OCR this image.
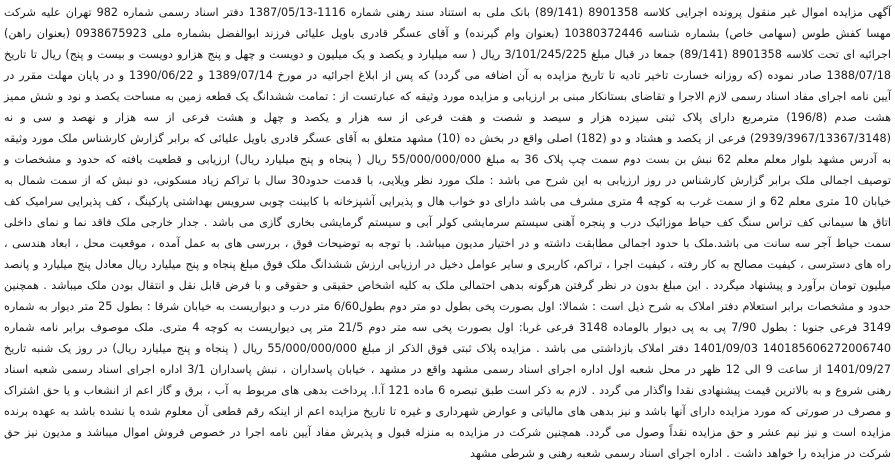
آگهی مزایده اموال غیر منقول پرونده اجرایی کلاسه 8901358 (89/141) بانک ملی به استناد سند رهنی شماره 1116-1387/05/13 دفتر اسناد رسمی شماره 982 تهران علیه شرکت مهسا کفش طوس (سهامی خاص) بشماره شناسه 10380372446 (بعنوان وام گیرنده) و آقای عسگر قادری باویل علیائی فرزند ابوالفضل بشماره ملی 0938675923 (بعنوان راهن) اجرائیه ای تحت کلاسه 8901358 (89/141) جمعا در قبال مبلغ 3/101/245/225 ریال ( سه میلیارد و یکصد و یک میلیون و دویست و چهل و پنج هزارو دویست و بیست و پنج) ریال تا تاریخ 1388/07/18 صادر نموده (که روزانه خسارت تاخیر تادیه تا تاریخ مزایده به آن اضافه می گردد) که پس از ابلاغ اجرائیه در مورخ 1389/07/14 و 1390/06/22 و در پایان مهلت مقرر در آیین نامه اجرای مفاد اسناد رسمی لازم الاجرا و تقاضای بستانکار مبنی بر ارزیابی و مزایده مورد وثیقه که عبارتست از : تمامت ششدانگ یک قطعه زمین به مساحت یکصد و نود و شش ممیز هشت صدم (196/8) مترمربع دارای پلاک ثبتی سیزده هزار و سیصد و شصت و هفت فرعی از سه هزار و یکصد و چهل و هشت فرعی از سه هزار و نهصد و سی و نه (2939/3967/13367/3148) فرعی از یکصد و هشتاد و دو (182) اصلی واقع در بخش ده (10) مشهد متعلق به آقای عسگر قادری باویل علیائی که برابر گزارش کارشناس ملک مورد وثیقه به آدرس مشهد بلوار معلم معلم 62 نبش بن بست دوم سمت چپ پلاک 36 به مبلغ 55/000/000/000 ریال ( پنجاه و پنج میلیارد ریال) ارزیابی و قطعیت یافته که حدود و مشخصات و توصیف اجمالی ملک برابر گزارش کارشناس در روز ارزیابی به این شرح می باشد : ملک مورد نظر ویلایی، با قدمت حدود30 سال با تراکم زیاد مسکونی، دو نبش که از سمت شمال به خیابان 10 متری معلم 62 و از سمت غرب به کوچه 4 متری مشرف می باشد دارای دو خواب هال و پذیرایی آشپزخانه با کابینت چوبی سرویس بهداشتی پارکینگ ، کف پذیرایی سرامیک کف اتاق ها سیمانی کف تراس سنگ کف حیاط موزائیک درب و پنجره آهنی سیستم سرمایشی کولر آبی و سیستم گرمایشی بخاری گازی می باشد . جدار خارجی ملک فاقد نما و نمای داخلی سمت حیاط آجر سه سانت می باشد.ملک با حدود اجمالی مطابقت داشته و در اختیار مدیون میباشد. با توجه به توضیحات فوق ، بررسی های به عمل آمده ، موقعیت محل ، ابعاد هندسی ، راه های دسترسی ، کیفیت مصالح به کار رفته ، کیفیت اجرا ، تراکم، کاربری و سایر عوامل دخیل در ارزیابی ارزش ششدانگ ملک فوق مبلغ پنجاه و پنج میلیارد ریال معادل پنج میلیارد و پانصد میلیون تومان برآورد و پیشنهاد میگردد . این مبلغ بدون در نظر گرفتن هرگونه بدهی احتمالی ملک به کلیه اشخاص حقیقی و حقوقی و با فرض قابل نقل و انتقال بودن ملک میباشد . همچنین حدود و مشخصات برابر استعلام دفتر املاک به شرح ذیل است : شمالا: اول بصورت پخی بطول دو متر دوم بطول6/60 متر درب و دیواریست به خیابان شرقا : بطول 25 متر دیوار به شماره 3149 فرعی جنوبا : بطول 7/90 پی به پی دیوار بالوماده 3148 فرعی غربا: اول بصورت پخی سه متر دوم 21/5 متر پی دیواریست به کوچه 4 متری. ملک موصوف برابر نامه شماره 140185606272006740 1401/09/03 دفتر املاک بازداشتی می باشد . مزایده پلاک ثبتی فوق الذکر از مبلغ 55/000/000/000 ریال ( پنجاه و پنج میلیارد ریال) در روز یک شنبه تاریخ 1401/09/27 از ساعت 9 الی 12 ظهر در محل شعبه اول اداره اجرای اسناد رسمی مشهد واقع در مشهد ، خیابان پاسداران ، نبش پاسداران 3/1 اداره اجرای اسناد رسمی شعبه اسناد رهنی شروع و به بالاترین قیمت پیشنهادی نقدا واگذار می گردد . لازم به ذکر است طبق تبصره 6 ماده 121 آ.ا. پرداخت بدهی های مربوط به آب ، برق و گاز اعم از انشعاب و یا حق اشتراک و مصرف در صورتی که مورد مزایده دارای آنها باشد و نیز بدهی های مالیاتی و عوارض شهرداری و غیره تا تاریخ مزایده اعم از اینکه رقم قطعی آن معلوم شده یا نشده باشد به عهده برنده مزایده است و نیز نیم عشر و حق مزایده نقداً وصول می گردد. همچنین شرکت در مزایده به منزله قبول و پذیرش مفاد آیین نامه اجرا در خصوص فروش اموال میباشد و مدیون نیز حق شرکت در مزایده را خواهد داشت . اداره اجرای اسناد رسمی شعبه رهنی و شرطی مشهد
